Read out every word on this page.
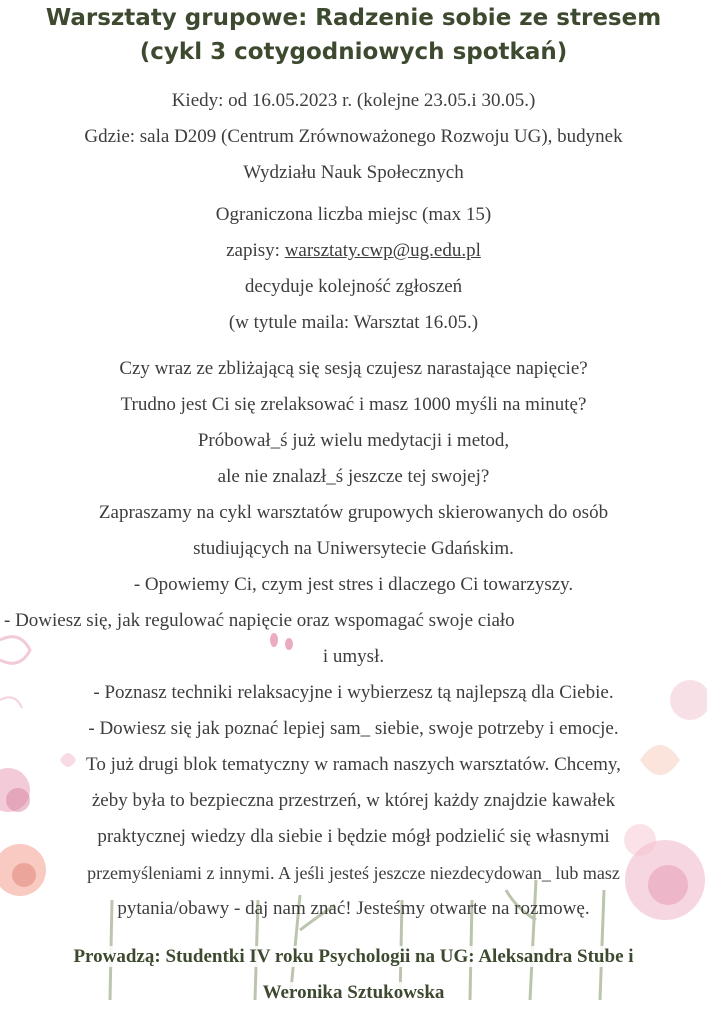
Warsztaty grupowe: Radzenie sobie ze stresem
(cykl 3 cotygodniowych spotkań)
Kiedy: od 16.05.2023 r. (kolejne 23.05.i 30.05.)
Gdzie: sala D209 (Centrum Zrównoważonego Rozwoju UG), budynek
Wydziału Nauk Społecznych
Ograniczona liczba miejsc (max 15)
zapisy: warsztaty.cwp@ug.edu.pl
decyduje kolejność zgłoszeń
(w tytule maila: Warsztat 16.05.)
Czy wraz ze zbliżającą się sesją czujesz narastające napięcie?
Trudno jest Ci się zrelaksować i masz 1000 myśli na minutę?
Próbował_ś już wielu medytacji i metod,
ale nie znalazł_ś jeszcze tej swojej?
Zapraszamy na cykl warsztatów grupowych skierowanych do osób
studiujących na Uniwersytecie Gdańskim.
- Opowiemy Ci, czym jest stres i dlaczego Ci towarzyszy.
- Dowiesz się, jak regulować napięcie oraz wspomagać swoje ciało
i umysł.
- Poznasz techniki relaksacyjne i wybierzesz tą najlepszą dla Ciebie.
- Dowiesz się jak poznać lepiej sam_ siebie, swoje potrzeby i emocje.
To już drugi blok tematyczny w ramach naszych warsztatów. Chcemy,
żeby była to bezpieczna przestrzeń, w której każdy znajdzie kawałek
praktycznej wiedzy dla siebie i będzie mógł podzielić się własnymi
przemyśleniami z innymi. A jeśli jesteś jeszcze niezdecydowan_ lub masz
pytania/obawy - daj nam znać! Jesteśmy otwarte na rozmowę.
Prowadzą: Studentki IV roku Psychologii na UG: Aleksandra Stube i
Weronika Sztukowska
